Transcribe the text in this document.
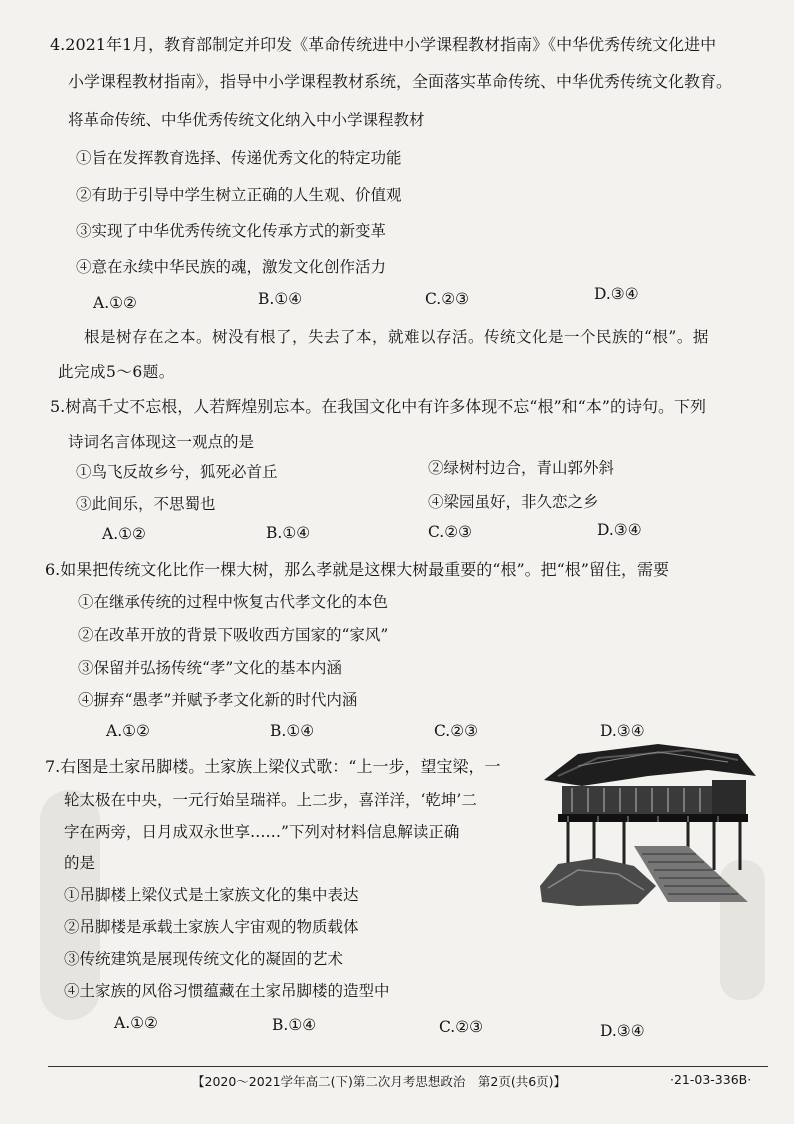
4.2021年1月，教育部制定并印发《革命传统进中小学课程教材指南》《中华优秀传统文化进中
小学课程教材指南》，指导中小学课程教材系统，全面落实革命传统、中华优秀传统文化教育。
将革命传统、中华优秀传统文化纳入中小学课程教材
①旨在发挥教育选择、传递优秀文化的特定功能
②有助于引导中学生树立正确的人生观、价值观
③实现了中华优秀传统文化传承方式的新变革
④意在永续中华民族的魂，激发文化创作活力
A.①②	B.①④	C.②③	D.③④
根是树存在之本。树没有根了，失去了本，就难以存活。传统文化是一个民族的“根”。据
此完成5～6题。
5.树高千丈不忘根，人若辉煌别忘本。在我国文化中有许多体现不忘“根”和“本”的诗句。下列
诗词名言体现这一观点的是
①鸟飞反故乡兮，狐死必首丘	②绿树村边合，青山郭外斜
③此间乐，不思蜀也	④梁园虽好，非久恋之乡
A.①②	B.①④	C.②③	D.③④
6.如果把传统文化比作一棵大树，那么孝就是这棵大树最重要的“根”。把“根”留住，需要
①在继承传统的过程中恢复古代孝文化的本色
②在改革开放的背景下吸收西方国家的“家风”
③保留并弘扬传统“孝”文化的基本内涵
④摒弃“愚孝”并赋予孝文化新的时代内涵
A.①②	B.①④	C.②③	D.③④
7.右图是土家吊脚楼。土家族上梁仪式歌：“上一步，望宝梁，一
轮太极在中央，一元行始呈瑞祥。上二步，喜洋洋，‘乾坤’二
字在两旁，日月成双永世享……”下列对材料信息解读正确
的是
①吊脚楼上梁仪式是土家族文化的集中表达
②吊脚楼是承载土家族人宇宙观的物质载体
③传统建筑是展现传统文化的凝固的艺术
④土家族的风俗习惯蕴藏在土家吊脚楼的造型中
A.①②	B.①④	C.②③	D.③④
【2020～2021学年高二(下)第二次月考思想政治　第2页(共6页)】	·21-03-336B·
